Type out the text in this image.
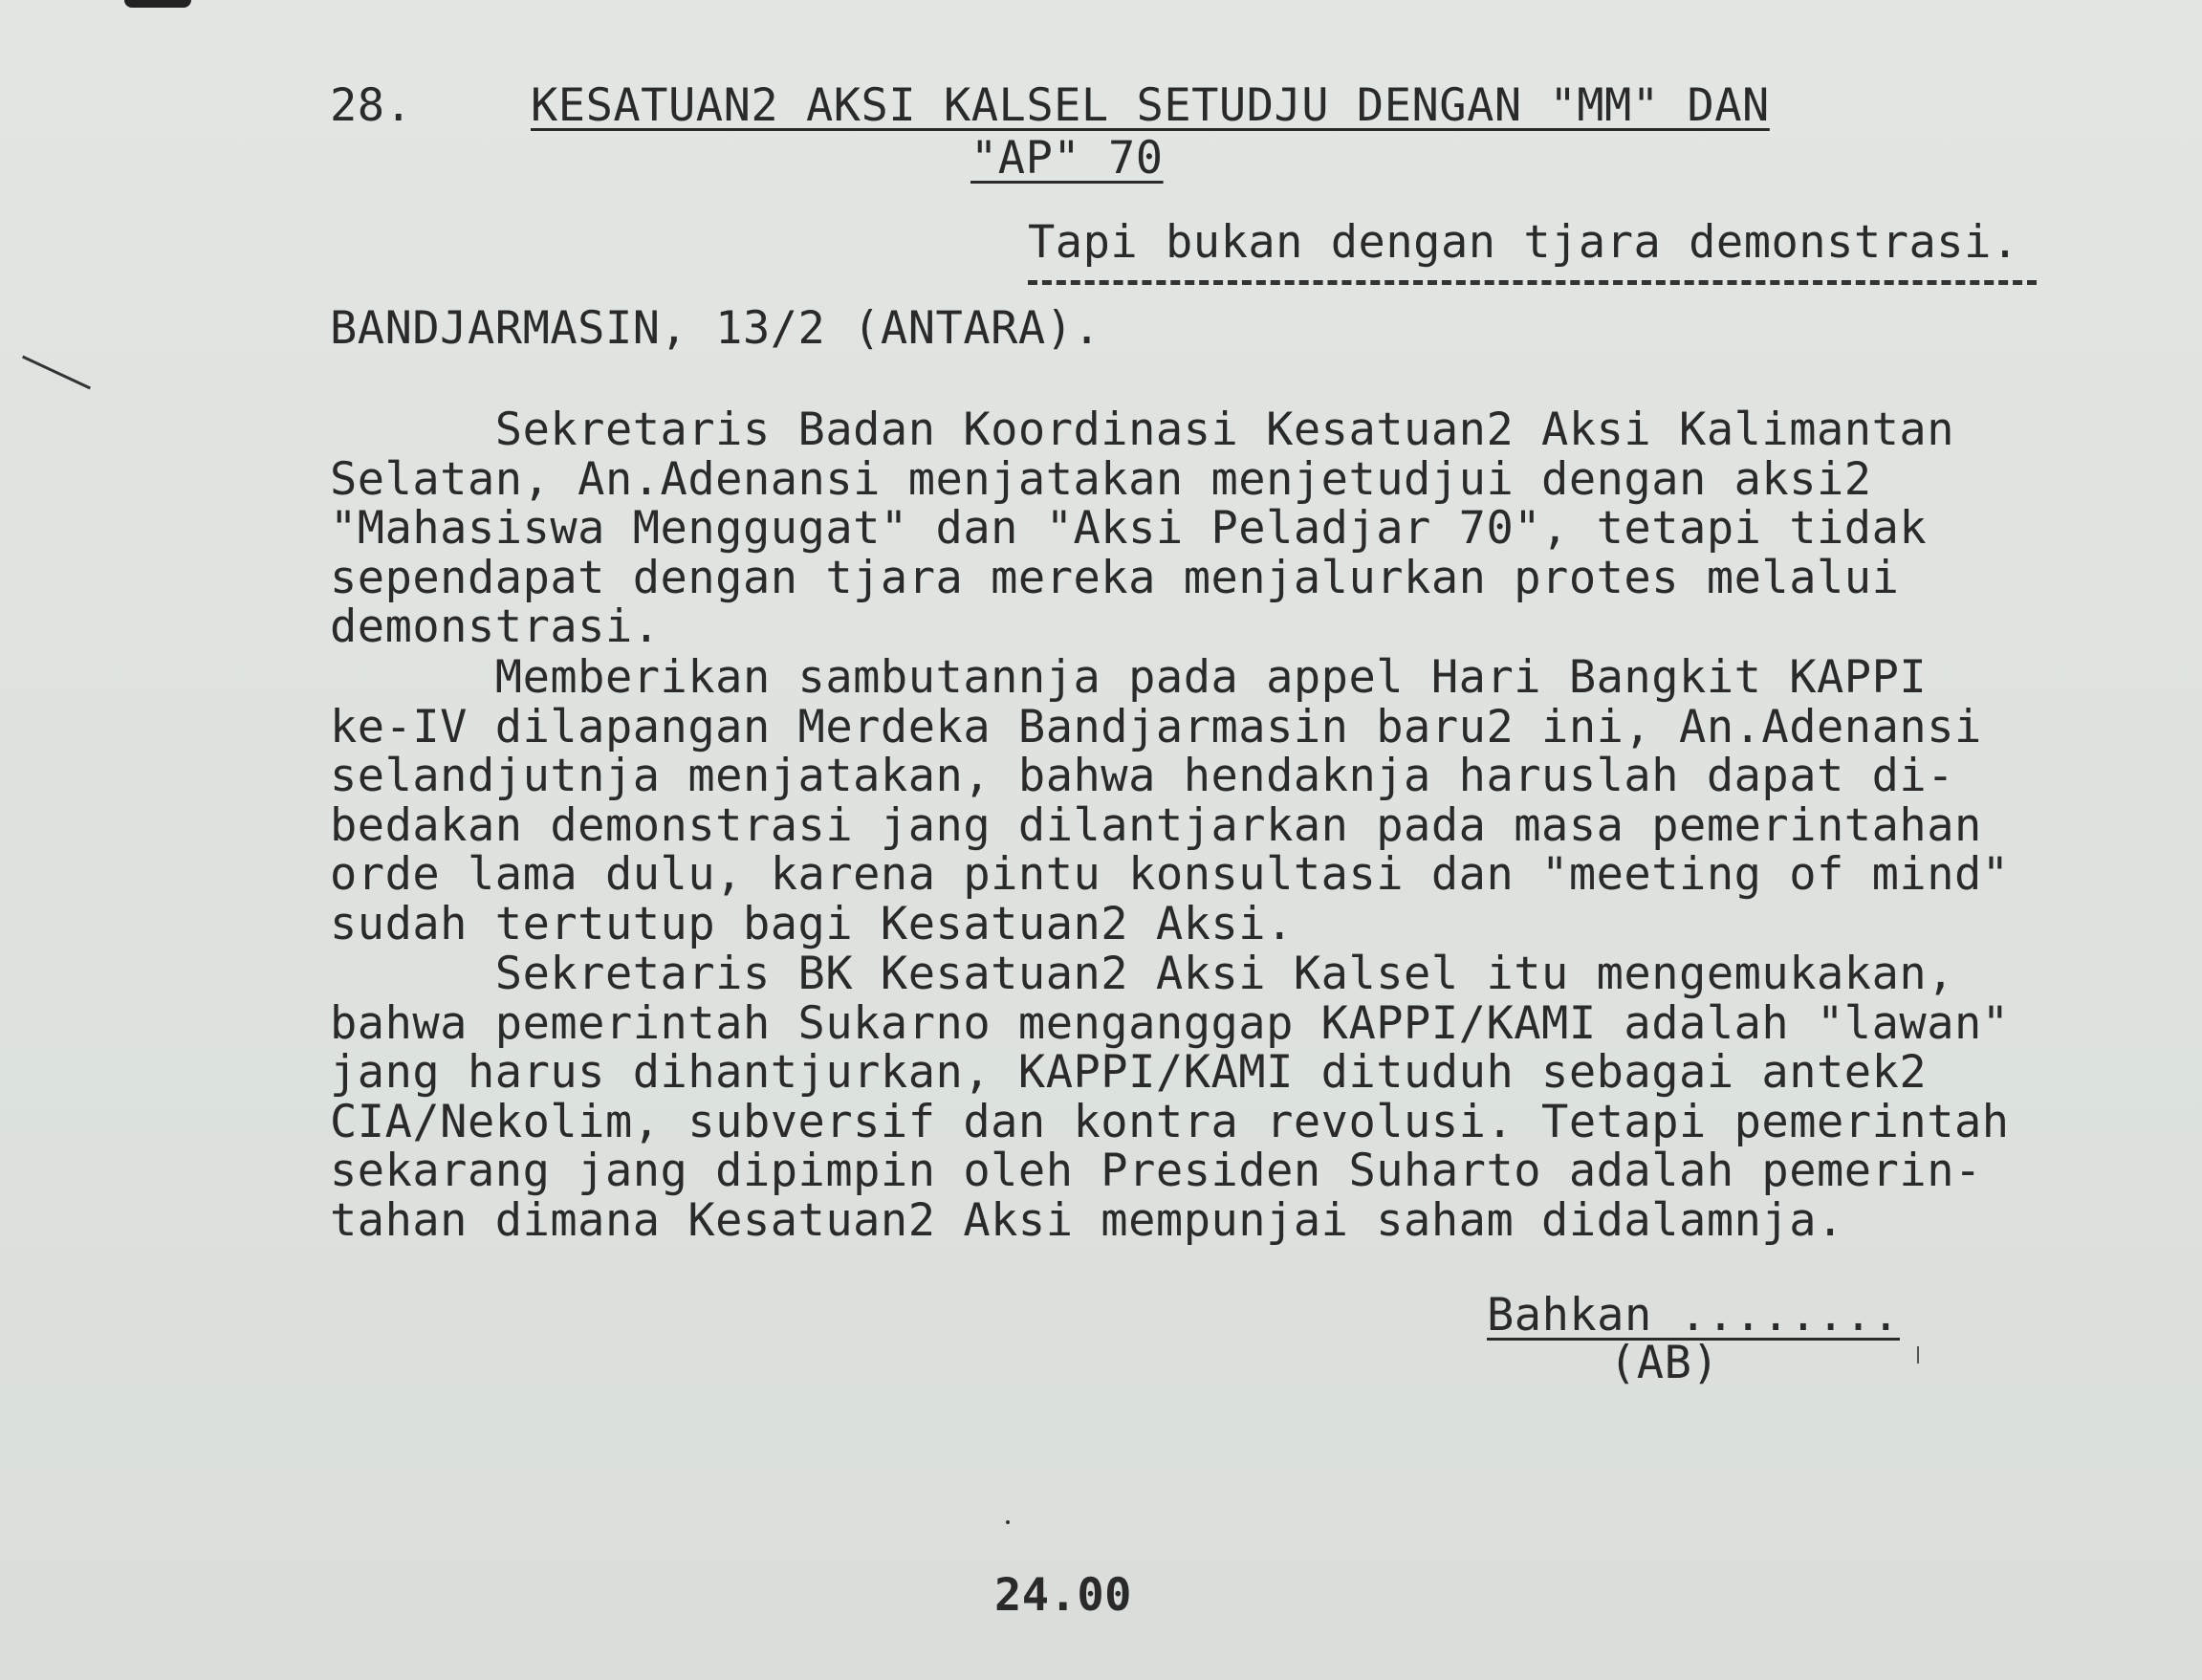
28.	KESATUAN2 AKSI KALSEL SETUDJU DENGAN "MM" DAN
"AP" 70
Tapi bukan dengan tjara demonstrasi.
BANDJARMASIN, 13/2 (ANTARA).
Sekretaris Badan Koordinasi Kesatuan2 Aksi Kalimantan
Selatan, An.Adenansi menjatakan menjetudjui dengan aksi2
"Mahasiswa Menggugat" dan "Aksi Peladjar 70", tetapi tidak
sependapat dengan tjara mereka menjalurkan protes melalui
demonstrasi.
Memberikan sambutannja pada appel Hari Bangkit KAPPI
ke-IV dilapangan Merdeka Bandjarmasin baru2 ini, An.Adenansi
selandjutnja menjatakan, bahwa hendaknja haruslah dapat di-
bedakan demonstrasi jang dilantjarkan pada masa pemerintahan
orde lama dulu, karena pintu konsultasi dan "meeting of mind"
sudah tertutup bagi Kesatuan2 Aksi.
Sekretaris BK Kesatuan2 Aksi Kalsel itu mengemukakan,
bahwa pemerintah Sukarno menganggap KAPPI/KAMI adalah "lawan"
jang harus dihantjurkan, KAPPI/KAMI dituduh sebagai antek2
CIA/Nekolim, subversif dan kontra revolusi. Tetapi pemerintah
sekarang jang dipimpin oleh Presiden Suharto adalah pemerin-
tahan dimana Kesatuan2 Aksi mempunjai saham didalamnja.
Bahkan ........
(AB)
24.00
